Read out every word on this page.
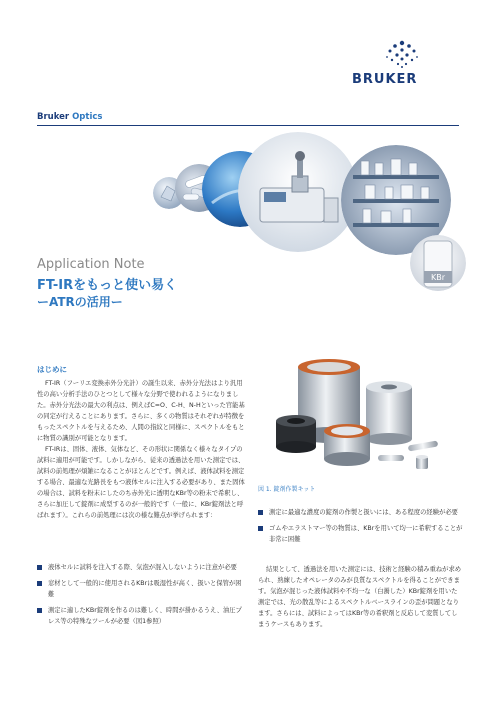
BRUKER
Bruker Optics
KBr
Application Note
FT-IRをもっと使い易く
ーATRの活用ー
はじめに

FT-IR（フーリエ変換赤外分光計）の誕生以来、赤外分光法はより汎用性の高い分析手法のひとつとして様々な分野で使われるようになりました。赤外分光法の最大の利点は、例えばC=O、C-H、N-Hといった官能基の同定が行えることにあります。さらに、多くの物質はそれぞれが特徴をもったスペクトルを与えるため、人間の指紋と同様に、スペクトルをもとに物質の識別が可能となります。

FT-IRは、固体、液体、気体など、その形状に関係なく様々なタイプの試料に適用が可能です。しかしながら、従来の透過法を用いた測定では、試料の前処理が煩雑になることがほとんどです。例えば、液体試料を測定する場合、最適な光路長をもつ液体セルに注入する必要があり、また固体の場合は、試料を粉末にしたのち赤外光に透明なKBr等の粉末で希釈し、さらに加圧して錠剤に成型するのが一般的です（一般に、KBr錠剤法と呼ばれます）。これらの前処理には次の様な難点が挙げられます：

液体セルに試料を注入する際、気泡が混入しないように注意が必要
窓材として一般的に使用されるKBrは吸湿性が高く、扱いと保管が困難
測定に適したKBr錠剤を作るのは難しく、時間が掛かるうえ、油圧プレス等の特殊なツールが必要（図1参照）
図 1. 錠剤作製キット
測定に最適な濃度の錠剤の作製と扱いには、ある程度の経験が必要
ゴムやエラストマー等の物質は、KBrを用いて均一に希釈することが非常に困難

結果として、透過法を用いた測定には、技術と経験の積み重ねが求められ、熟練したオペレータのみが良質なスペクトルを得ることができます。気泡が混じった液体試料や不均一な（白濁した）KBr錠剤を用いた測定では、光の散乱等によるスペクトルベースラインの歪が問題となります。さらには、試料によってはKBr等の希釈剤と反応して変質してしまうケースもあります。
